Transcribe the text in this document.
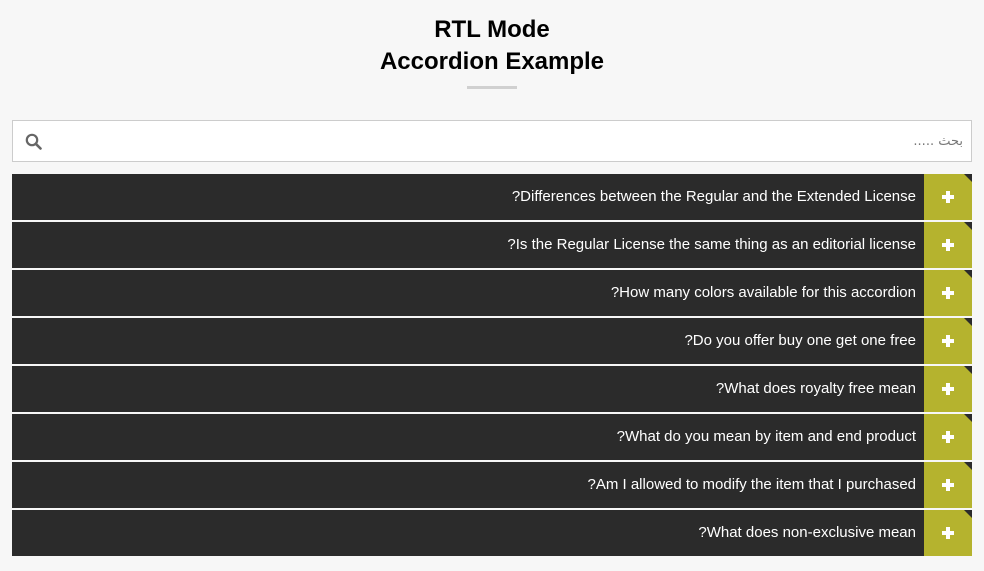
RTL Mode
Accordion Example
بحث .....
?Differences between the Regular and the Extended License
?Is the Regular License the same thing as an editorial license
?How many colors available for this accordion
?Do you offer buy one get one free
?What does royalty free mean
?What do you mean by item and end product
?Am I allowed to modify the item that I purchased
?What does non-exclusive mean
